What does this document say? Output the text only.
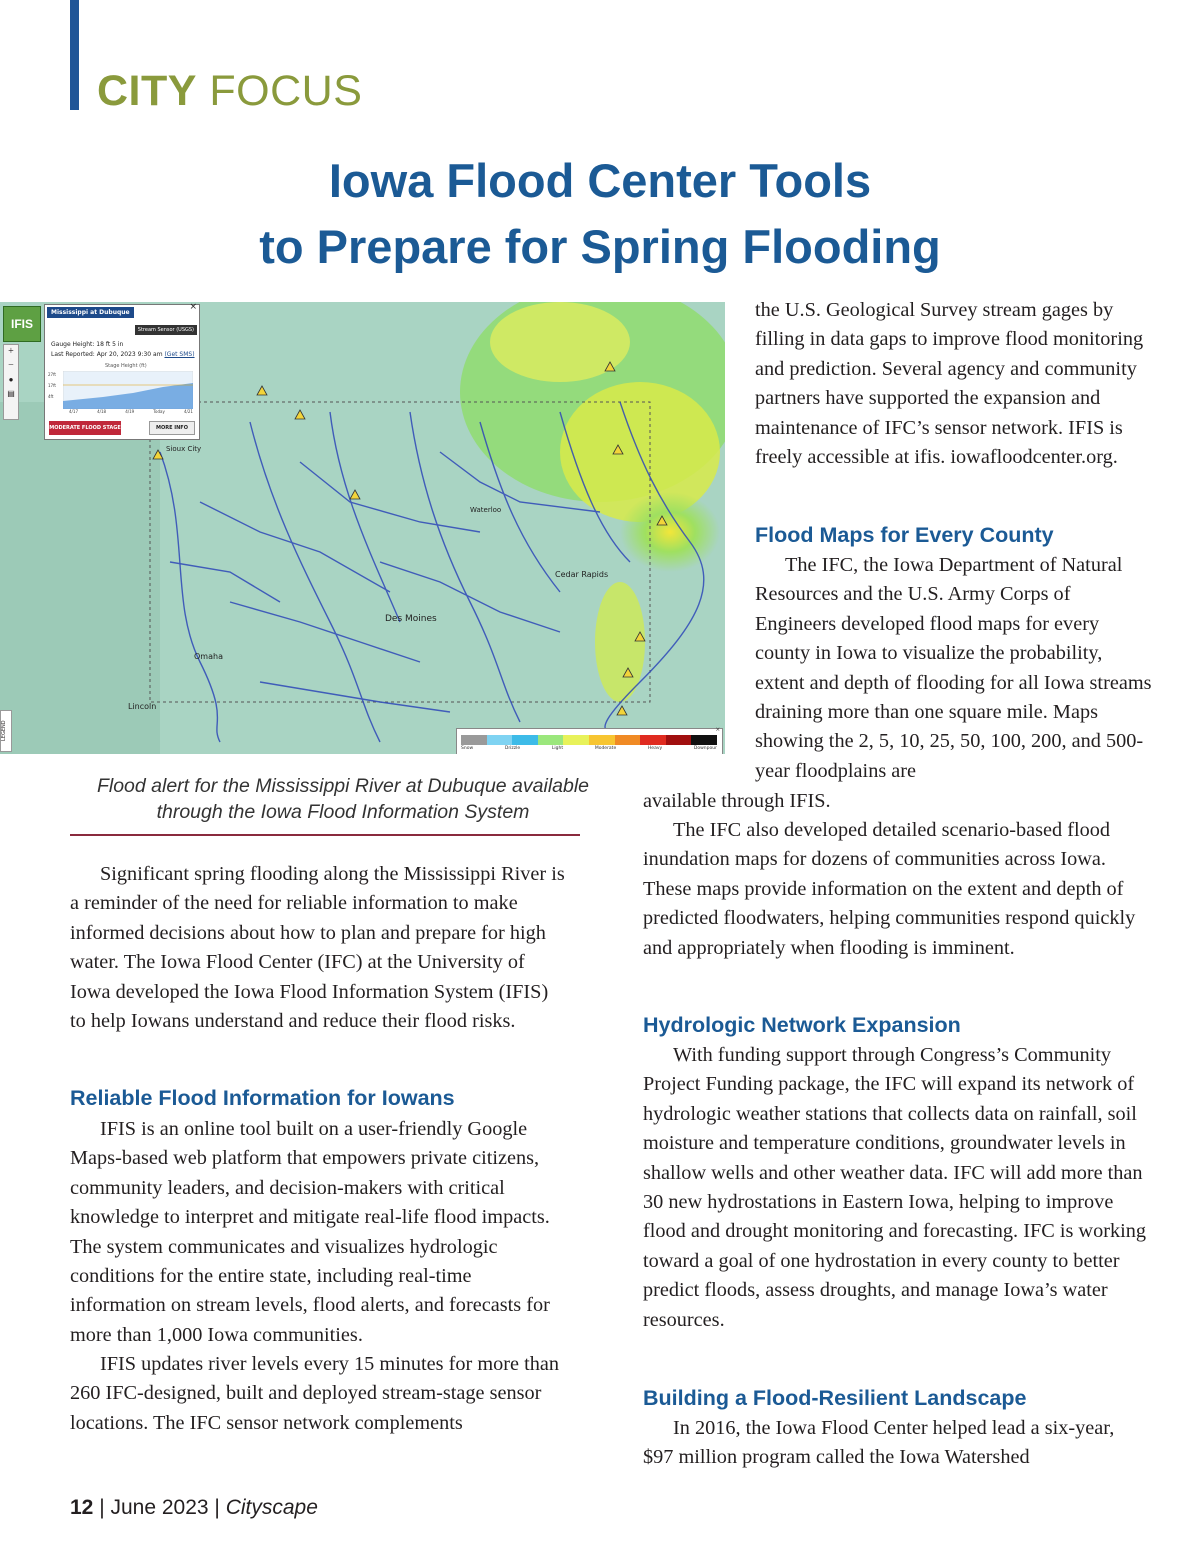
CITY FOCUS
Iowa Flood Center Tools
to Prepare for Spring Flooding
Des Moines
Cedar Rapids
Omaha
Sioux City
Lincoln
Waterloo
IFIS
+
−
●
▤
LEGEND
Mississippi at Dubuque
×
Stream Sensor (USGS)
Gauge Height: 18 ft 5 in
Last Reported: Apr 20, 2023 9:30 am (Get SMS)
Stage Height (ft)
27ft
17ft
4ft
4/17	4/18	4/19	Today	4/21
MODERATE FLOOD STAGE	MORE INFO
×
Snow	Drizzle	Light	Moderate	Heavy	Downpour
Flood alert for the Mississippi River at Dubuque available
through the Iowa Flood Information System

Significant spring flooding along the Mississippi River is a reminder of the need for reliable information to make informed decisions about how to plan and prepare for high water. The Iowa Flood Center (IFC) at the University of Iowa developed the Iowa Flood Information System (IFIS) to help Iowans understand and reduce their flood risks.

Reliable Flood Information for Iowans

IFIS is an online tool built on a user-friendly Google Maps-based web platform that empowers private citizens, community leaders, and decision-makers with critical knowledge to interpret and mitigate real-life flood impacts. The system communicates and visualizes hydrologic conditions for the entire state, including real-time information on stream levels, flood alerts, and forecasts for more than 1,000 Iowa communities.

IFIS updates river levels every 15 minutes for more than 260 IFC-designed, built and deployed stream-stage sensor locations. The IFC sensor network complements

the U.S. Geological Survey stream gages by filling in data gaps to improve flood monitoring and prediction. Several agency and community partners have supported the expansion and maintenance of IFC’s sensor network. IFIS is freely accessible at ifis. iowafloodcenter.org.

Flood Maps for Every County

The IFC, the Iowa Department of Natural Resources and the U.S. Army Corps of Engineers developed flood maps for every county in Iowa to visualize the probability, extent and depth of flooding for all Iowa streams draining more than one square mile. Maps showing the 2, 5, 10, 25, 50, 100, 200, and 500-year floodplains are

available through IFIS.

The IFC also developed detailed scenario-based flood inundation maps for dozens of communities across Iowa. These maps provide information on the extent and depth of predicted floodwaters, helping communities respond quickly and appropriately when flooding is imminent.

Hydrologic Network Expansion

With funding support through Congress’s Community Project Funding package, the IFC will expand its network of hydrologic weather stations that collects data on rainfall, soil moisture and temperature conditions, groundwater levels in shallow wells and other weather data. IFC will add more than 30 new hydrostations in Eastern Iowa, helping to improve flood and drought monitoring and forecasting. IFC is working toward a goal of one hydrostation in every county to better predict floods, assess droughts, and manage Iowa’s water resources.

Building a Flood-Resilient Landscape

In 2016, the Iowa Flood Center helped lead a six-year, $97 million program called the Iowa Watershed

12 | June 2023 | Cityscape
